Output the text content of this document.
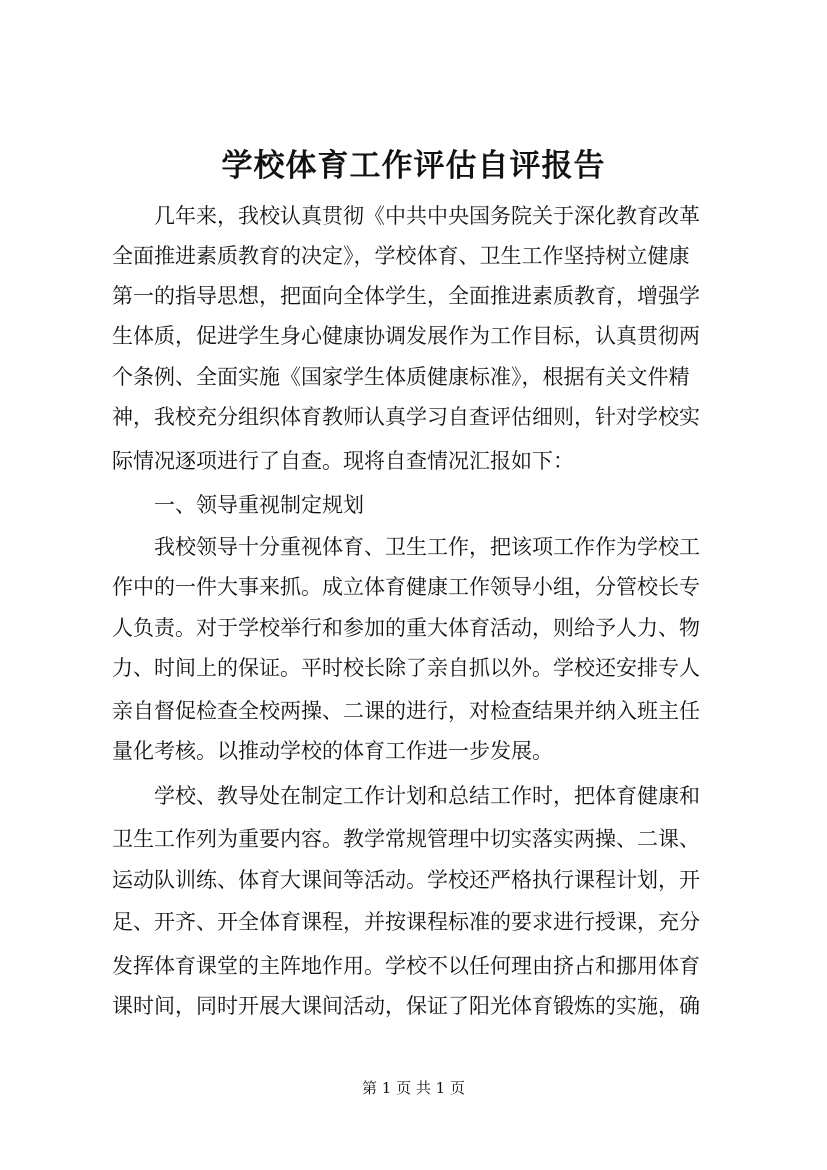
学校体育工作评估自评报告

　　几年来，我校认真贯彻《中共中央国务院关于深化教育改革

全面推进素质教育的决定》，学校体育、卫生工作坚持树立健康

第一的指导思想，把面向全体学生，全面推进素质教育，增强学

生体质，促进学生身心健康协调发展作为工作目标，认真贯彻两

个条例、全面实施《国家学生体质健康标准》，根据有关文件精

神，我校充分组织体育教师认真学习自查评估细则，针对学校实

际情况逐项进行了自查。现将自查情况汇报如下：

　　一、领导重视制定规划

　　我校领导十分重视体育、卫生工作，把该项工作作为学校工

作中的一件大事来抓。成立体育健康工作领导小组，分管校长专

人负责。对于学校举行和参加的重大体育活动，则给予人力、物

力、时间上的保证。平时校长除了亲自抓以外。学校还安排专人

亲自督促检查全校两操、二课的进行，对检查结果并纳入班主任

量化考核。以推动学校的体育工作进一步发展。

　　学校、教导处在制定工作计划和总结工作时，把体育健康和

卫生工作列为重要内容。教学常规管理中切实落实两操、二课、

运动队训练、体育大课间等活动。学校还严格执行课程计划，开

足、开齐、开全体育课程，并按课程标准的要求进行授课，充分

发挥体育课堂的主阵地作用。学校不以任何理由挤占和挪用体育

课时间，同时开展大课间活动，保证了阳光体育锻炼的实施，确

第 1 页 共 1 页
